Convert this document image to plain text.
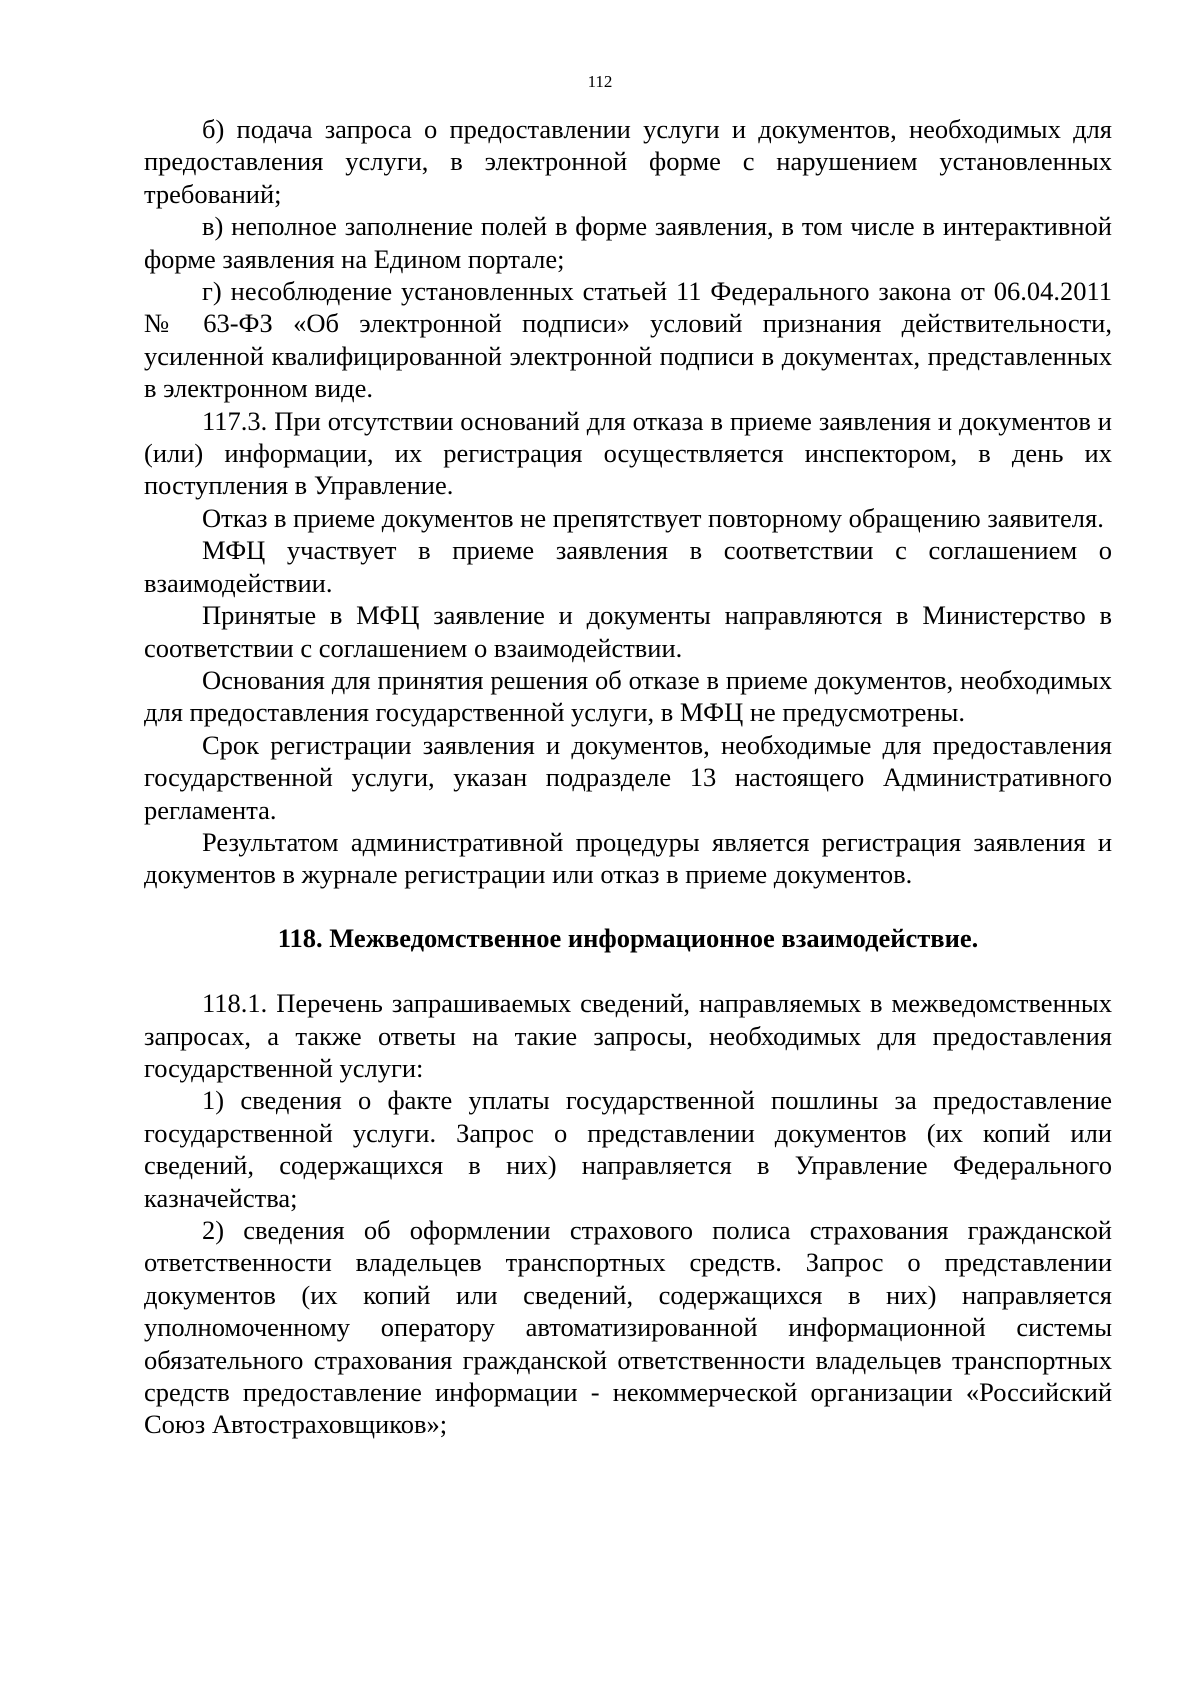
112

б) подача запроса о предоставлении услуги и документов, необходимых для предоставления услуги, в электронной форме с нарушением установленных требований;

в) неполное заполнение полей в форме заявления, в том числе в интерактивной форме заявления на Едином портале;

г) несоблюдение установленных статьей 11 Федерального закона от 06.04.2011 № 63-ФЗ «Об электронной подписи» условий признания действительности, усиленной квалифицированной электронной подписи в документах, представленных в электронном виде.

117.3. При отсутствии оснований для отказа в приеме заявления и документов и (или) информации, их регистрация осуществляется инспектором, в день их поступления в Управление.

Отказ в приеме документов не препятствует повторному обращению заявителя.

МФЦ участвует в приеме заявления в соответствии с соглашением о взаимодействии.

Принятые в МФЦ заявление и документы направляются в Министерство в соответствии с соглашением о взаимодействии.

Основания для принятия решения об отказе в приеме документов, необходимых для предоставления государственной услуги, в МФЦ не предусмотрены.

Срок регистрации заявления и документов, необходимые для предоставления государственной услуги, указан подразделе 13 настоящего Административного регламента.

Результатом административной процедуры является регистрация заявления и документов в журнале регистрации или отказ в приеме документов.

118. Межведомственное информационное взаимодействие.

118.1. Перечень запрашиваемых сведений, направляемых в межведомственных запросах, а также ответы на такие запросы, необходимых для предоставления государственной услуги:

1) сведения о факте уплаты государственной пошлины за предоставление государственной услуги. Запрос о представлении документов (их копий или сведений, содержащихся в них) направляется в Управление Федерального казначейства;

2) сведения об оформлении страхового полиса страхования гражданской ответственности владельцев транспортных средств. Запрос о представлении документов (их копий или сведений, содержащихся в них) направляется уполномоченному оператору автоматизированной информационной системы обязательного страхования гражданской ответственности владельцев транспортных средств предоставление информации - некоммерческой организации «Российский Союз Автостраховщиков»;
